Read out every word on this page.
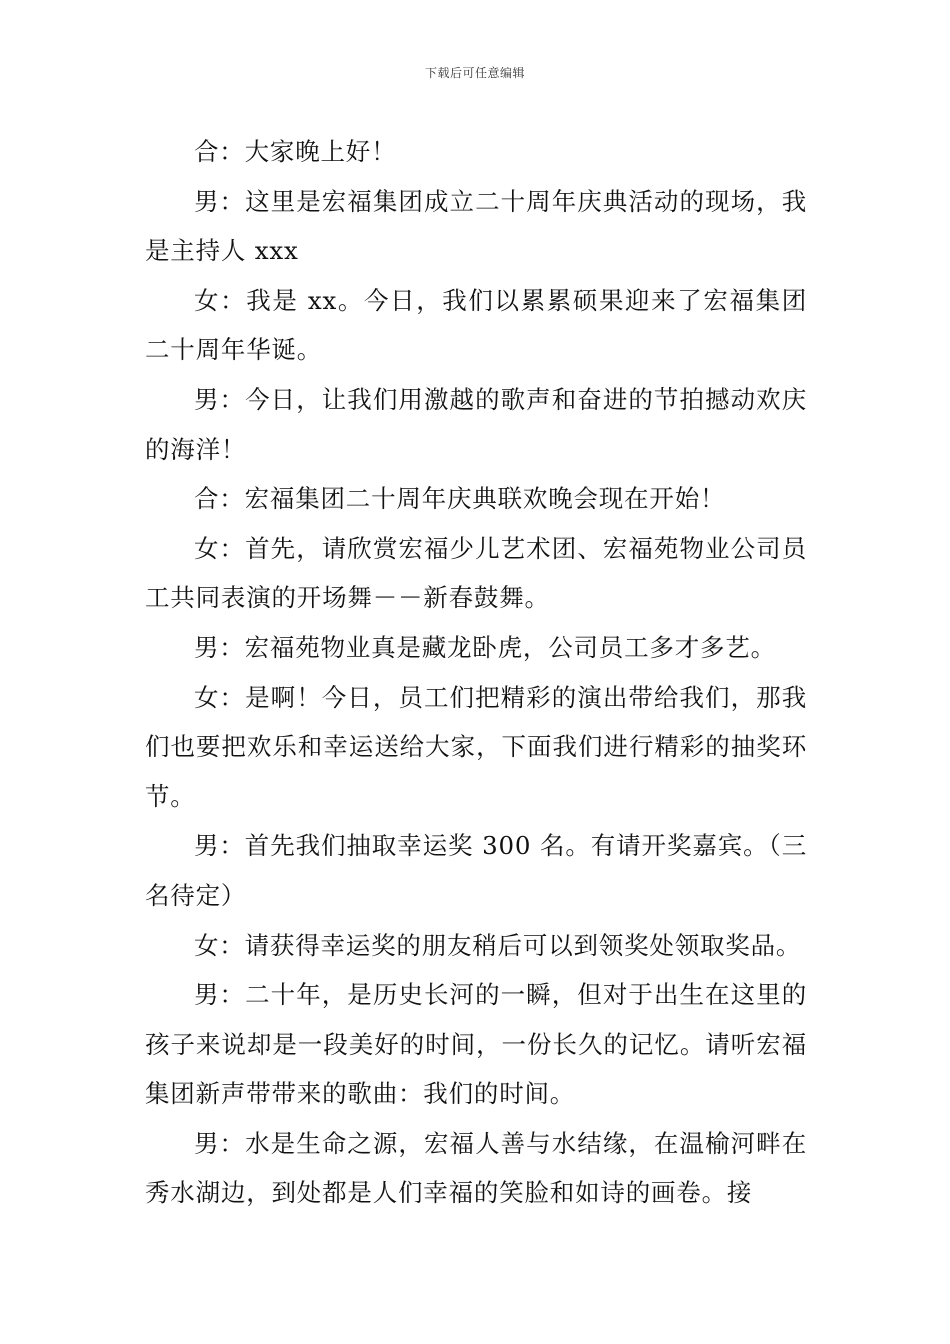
下载后可任意编辑

合：大家晚上好！

男：这里是宏福集团成立二十周年庆典活动的现场，我是主持人 xxx

女：我是 xx。今日，我们以累累硕果迎来了宏福集团二十周年华诞。

男：今日，让我们用激越的歌声和奋进的节拍撼动欢庆的海洋！

合：宏福集团二十周年庆典联欢晚会现在开始！

女：首先，请欣赏宏福少儿艺术团、宏福苑物业公司员工共同表演的开场舞－－新春鼓舞。

男：宏福苑物业真是藏龙卧虎，公司员工多才多艺。

女：是啊！今日，员工们把精彩的演出带给我们，那我们也要把欢乐和幸运送给大家，下面我们进行精彩的抽奖环节。

男：首先我们抽取幸运奖 300 名。有请开奖嘉宾。（三名待定）

女：请获得幸运奖的朋友稍后可以到领奖处领取奖品。

男：二十年，是历史长河的一瞬，但对于出生在这里的孩子来说却是一段美好的时间，一份长久的记忆。请听宏福集团新声带带来的歌曲：我们的时间。

男：水是生命之源，宏福人善与水结缘，在温榆河畔在秀水湖边，到处都是人们幸福的笑脸和如诗的画卷。接
